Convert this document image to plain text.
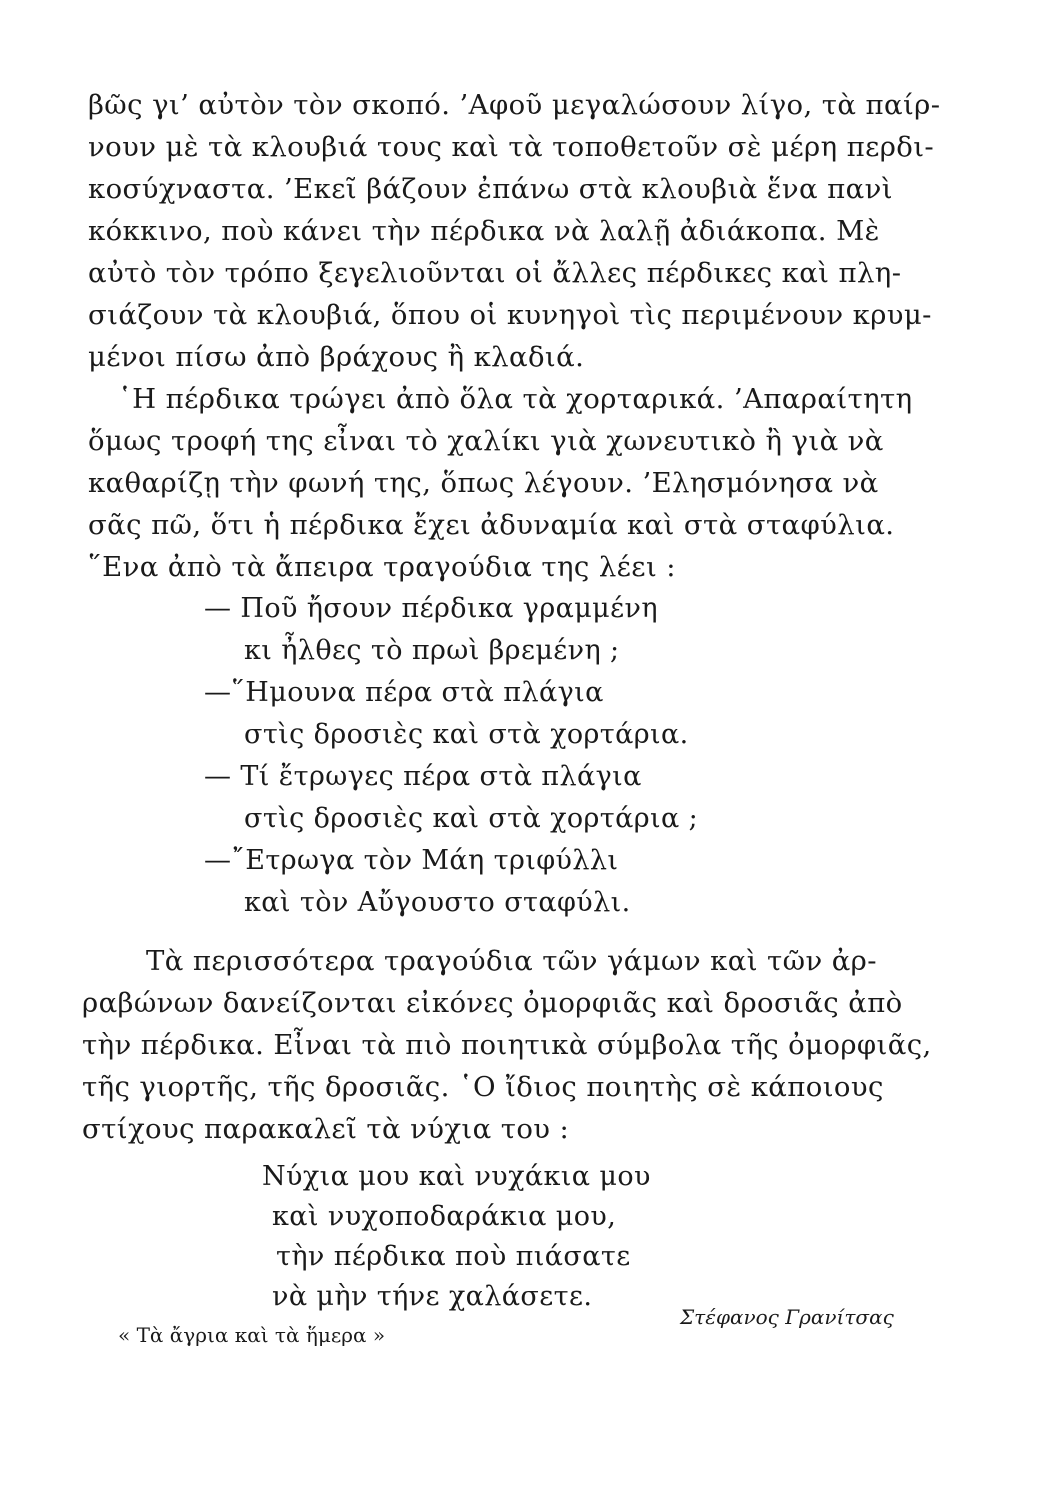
βῶς γι’ αὐτὸν τὸν σκοπό. ’Αφοῦ μεγαλώσουν λίγο, τὰ παίρ-
νουν μὲ τὰ κλουβιά τους καὶ τὰ τοποθετοῦν σὲ μέρη περδι-
κοσύχναστα. ’Εκεῖ βάζουν ἐπάνω στὰ κλουβιὰ ἕνα πανὶ
κόκκινο, ποὺ κάνει τὴν πέρδικα νὰ λαλῇ ἀδιάκοπα. Μὲ
αὐτὸ τὸν τρόπο ξεγελιοῦνται οἱ ἄλλες πέρδικες καὶ πλη-
σιάζουν τὰ κλουβιά, ὅπου οἱ κυνηγοὶ τὶς περιμένουν κρυμ-
μένοι πίσω ἀπὸ βράχους ἢ κλαδιά.
῾Η πέρδικα τρώγει ἀπὸ ὅλα τὰ χορταρικά. ’Απαραίτητη
ὅμως τροφή της εἶναι τὸ χαλίκι γιὰ χωνευτικὸ ἢ γιὰ νὰ
καθαρίζῃ τὴν φωνή της, ὅπως λέγουν. ’Ελησμόνησα νὰ
σᾶς πῶ, ὅτι ἡ πέρδικα ἔχει ἀδυναμία καὶ στὰ σταφύλια.
῞Ενα ἀπὸ τὰ ἄπειρα τραγούδια της λέει :
— Ποῦ ἤσουν πέρδικα γραμμένη
κι ἦλθες τὸ πρωὶ βρεμένη ;
—῞Ημουνα πέρα στὰ πλάγια
στὶς δροσιὲς καὶ στὰ χορτάρια.
— Τί ἔτρωγες πέρα στὰ πλάγια
στὶς δροσιὲς καὶ στὰ χορτάρια ;
—῎Ετρωγα τὸν Μάη τριφύλλι
καὶ τὸν Αὔγουστο σταφύλι.
Τὰ περισσότερα τραγούδια τῶν γάμων καὶ τῶν ἀρ-
ραβώνων δανείζονται εἰκόνες ὀμορφιᾶς καὶ δροσιᾶς ἀπὸ
τὴν πέρδικα. Εἶναι τὰ πιὸ ποιητικὰ σύμβολα τῆς ὀμορφιᾶς,
τῆς γιορτῆς, τῆς δροσιᾶς. ῾Ο ἴδιος ποιητὴς σὲ κάποιους
στίχους παρακαλεῖ τὰ νύχια του :
Νύχια μου καὶ νυχάκια μου
καὶ νυχοποδαράκια μου,
τὴν πέρδικα ποὺ πιάσατε
νὰ μὴν τήνε χαλάσετε.
« Τὰ ἄγρια καὶ τὰ ἥμερα »
Στέφανος Γρανίτσας
